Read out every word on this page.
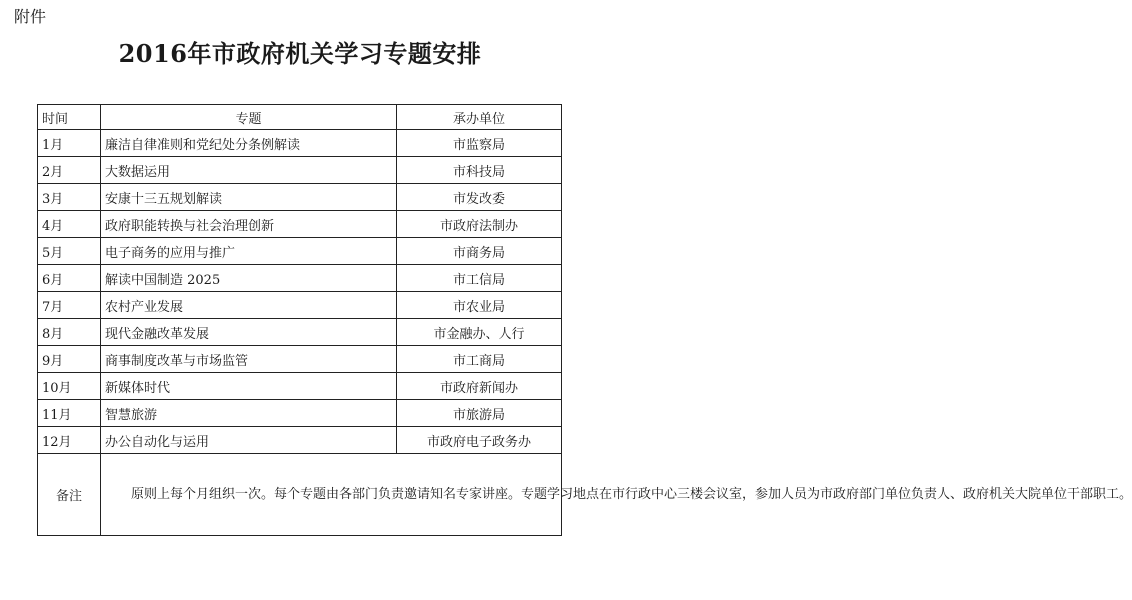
附件
2016年市政府机关学习专题安排
时间	专题	承办单位
1月	廉洁自律准则和党纪处分条例解读	市监察局
2月	大数据运用	市科技局
3月	安康十三五规划解读	市发改委
4月	政府职能转换与社会治理创新	市政府法制办
5月	电子商务的应用与推广	市商务局
6月	解读中国制造 2025	市工信局
7月	农村产业发展	市农业局
8月	现代金融改革发展	市金融办、人行
9月	商事制度改革与市场监管	市工商局
10月	新媒体时代	市政府新闻办
11月	智慧旅游	市旅游局
12月	办公自动化与运用	市政府电子政务办
备注	原则上每个月组织一次。每个专题由各部门负责邀请知名专家讲座。专题学习地点在市行政中心三楼会议室，参加人员为市政府部门单位负责人、政府机关大院单位干部职工。	
